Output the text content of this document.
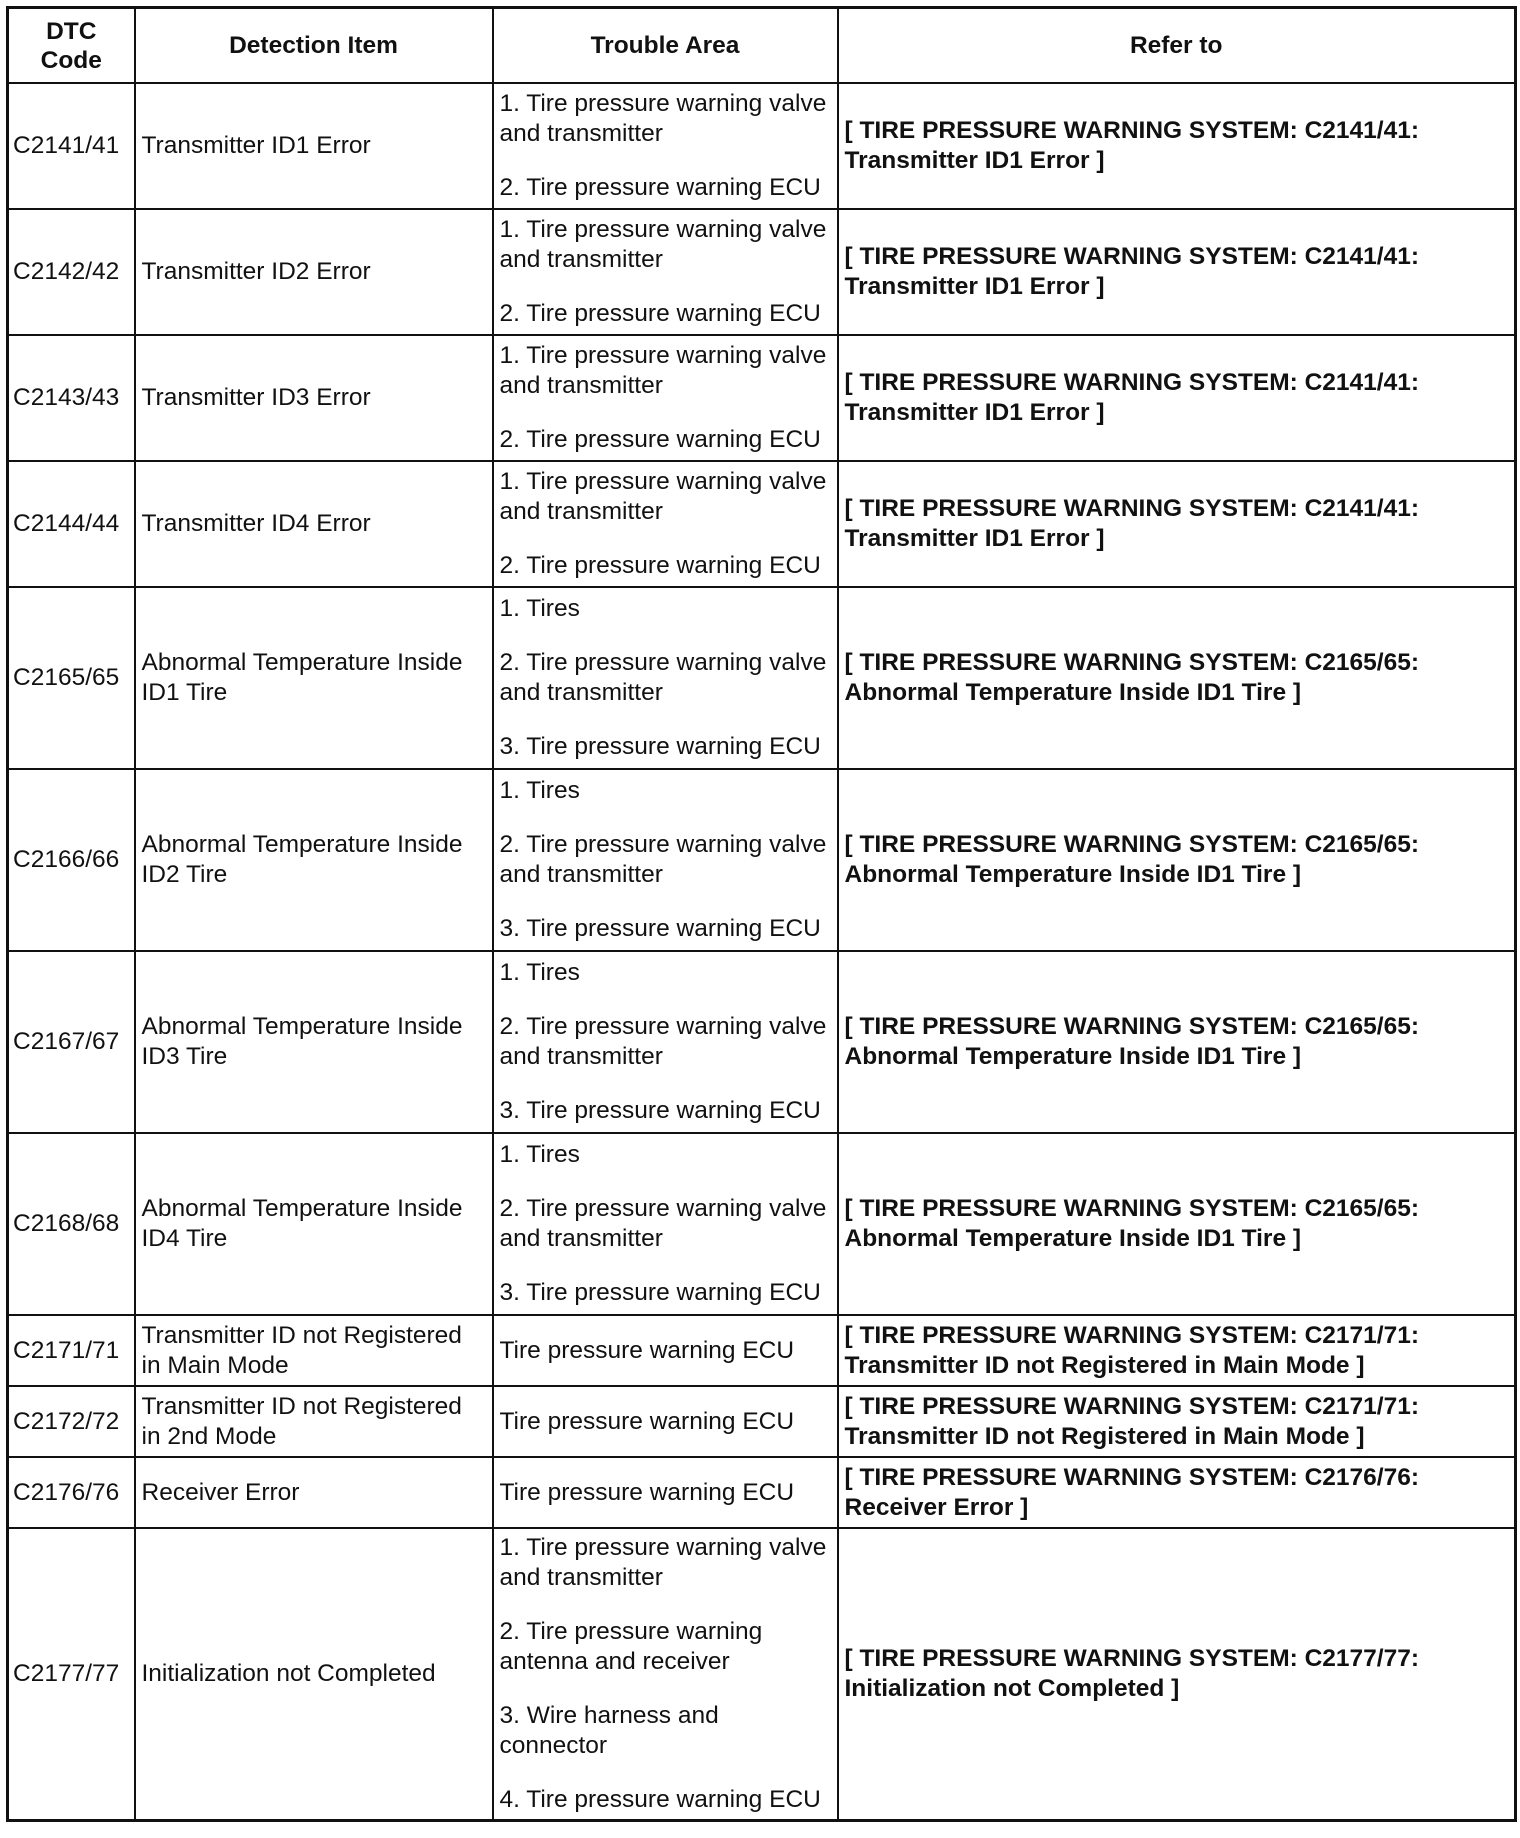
DTC
Code	Detection Item	Trouble Area	Refer to
C2141/41	Transmitter ID1 Error	1. Tire pressure warning valve and transmitter
2. Tire pressure warning ECU	[ TIRE PRESSURE WARNING SYSTEM: C2141/41: Transmitter ID1 Error ]
C2142/42	Transmitter ID2 Error	1. Tire pressure warning valve and transmitter
2. Tire pressure warning ECU	[ TIRE PRESSURE WARNING SYSTEM: C2141/41: Transmitter ID1 Error ]
C2143/43	Transmitter ID3 Error	1. Tire pressure warning valve and transmitter
2. Tire pressure warning ECU	[ TIRE PRESSURE WARNING SYSTEM: C2141/41: Transmitter ID1 Error ]
C2144/44	Transmitter ID4 Error	1. Tire pressure warning valve and transmitter
2. Tire pressure warning ECU	[ TIRE PRESSURE WARNING SYSTEM: C2141/41: Transmitter ID1 Error ]
C2165/65	Abnormal Temperature Inside ID1 Tire	1. Tires
2. Tire pressure warning valve and transmitter
3. Tire pressure warning ECU	[ TIRE PRESSURE WARNING SYSTEM: C2165/65: Abnormal Temperature Inside ID1 Tire ]
C2166/66	Abnormal Temperature Inside ID2 Tire	1. Tires
2. Tire pressure warning valve and transmitter
3. Tire pressure warning ECU	[ TIRE PRESSURE WARNING SYSTEM: C2165/65: Abnormal Temperature Inside ID1 Tire ]
C2167/67	Abnormal Temperature Inside ID3 Tire	1. Tires
2. Tire pressure warning valve and transmitter
3. Tire pressure warning ECU	[ TIRE PRESSURE WARNING SYSTEM: C2165/65: Abnormal Temperature Inside ID1 Tire ]
C2168/68	Abnormal Temperature Inside ID4 Tire	1. Tires
2. Tire pressure warning valve and transmitter
3. Tire pressure warning ECU	[ TIRE PRESSURE WARNING SYSTEM: C2165/65: Abnormal Temperature Inside ID1 Tire ]
C2171/71	Transmitter ID not Registered in Main Mode	Tire pressure warning ECU	[ TIRE PRESSURE WARNING SYSTEM: C2171/71: Transmitter ID not Registered in Main Mode ]
C2172/72	Transmitter ID not Registered in 2nd Mode	Tire pressure warning ECU	[ TIRE PRESSURE WARNING SYSTEM: C2171/71: Transmitter ID not Registered in Main Mode ]
C2176/76	Receiver Error	Tire pressure warning ECU	[ TIRE PRESSURE WARNING SYSTEM: C2176/76: Receiver Error ]
C2177/77	Initialization not Completed	1. Tire pressure warning valve and transmitter
2. Tire pressure warning antenna and receiver
3. Wire harness and connector
4. Tire pressure warning ECU	[ TIRE PRESSURE WARNING SYSTEM: C2177/77: Initialization not Completed ]
